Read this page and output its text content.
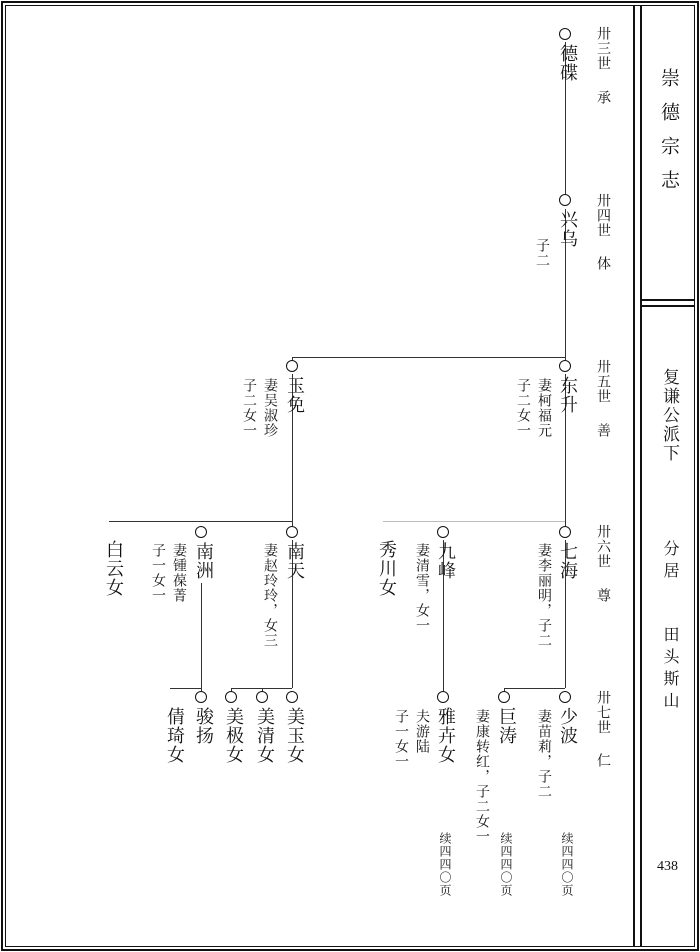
崇德宗志
复谦公派下
分居
田头斯山
438
卅三世
承
卅四世
体
卅五世
善
卅六世
尊
卅七世
仁
德碟
兴乌
子二
东升
妻柯福元
子二女一
玉免
妻吴淑珍
子二女一
七海
妻李丽明，子二
秀川女 九峰
妻清雪，女一
南天
妻赵玲玲，女三
南洲
妻锺葆菁
子一女一
白云女
少波
妻苗莉，子二
续四四〇页
巨涛
妻康转红，子二女一
续四四〇页
雅卉女
夫游陆
子一女一
续四四〇页
美玉女
美清女
美极女
骏扬
倩琦女
